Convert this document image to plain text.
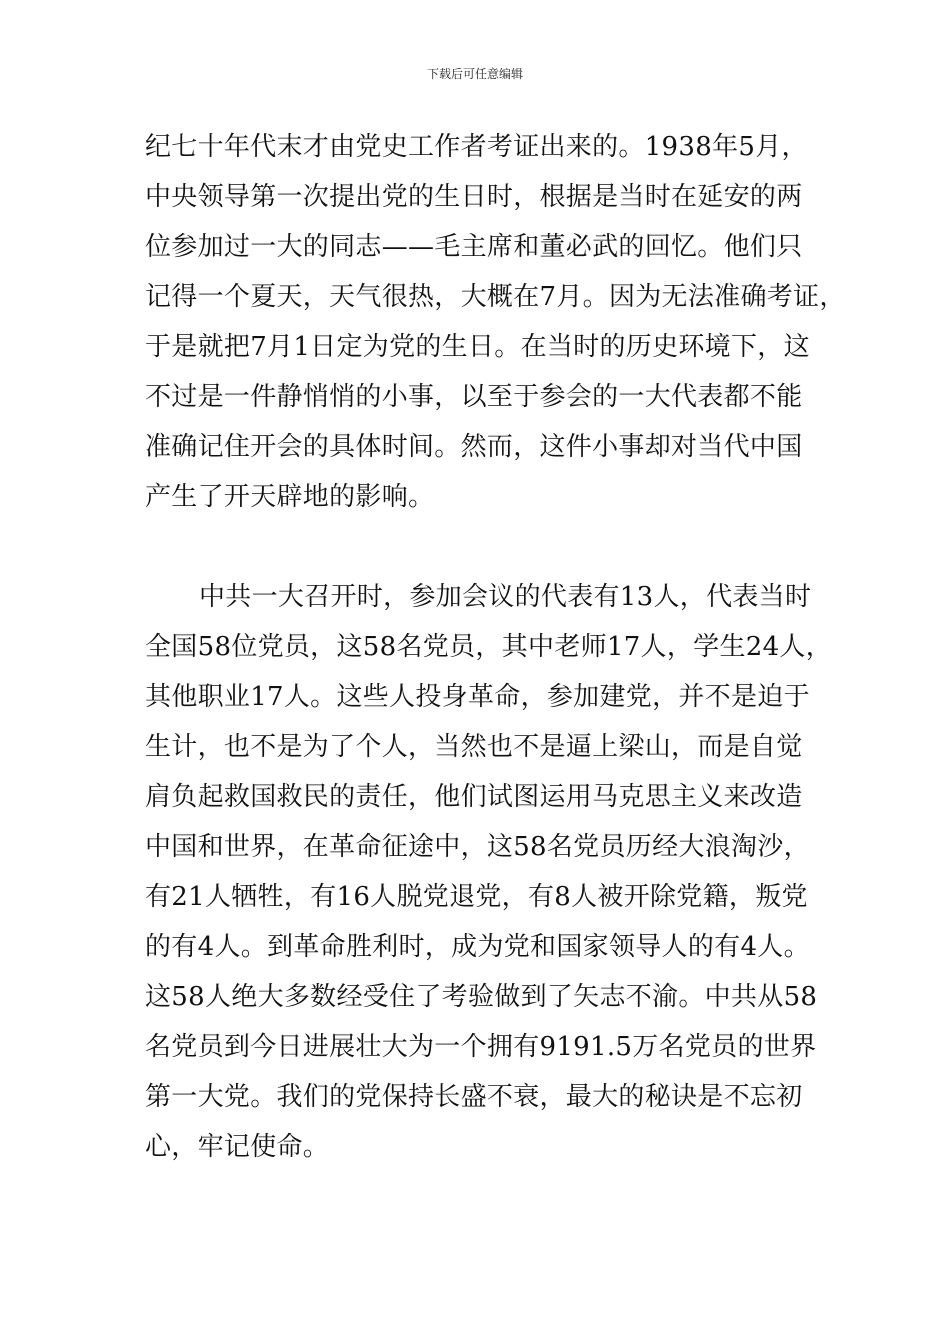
下载后可任意编辑
纪七十年代末才由党史工作者考证出来的。1938年5月，
中央领导第一次提出党的生日时，根据是当时在延安的两
位参加过一大的同志——毛主席和董必武的回忆。他们只
记得一个夏天，天气很热，大概在7月。因为无法准确考证，
于是就把7月1日定为党的生日。在当时的历史环境下，这
不过是一件静悄悄的小事，以至于参会的一大代表都不能
准确记住开会的具体时间。然而，这件小事却对当代中国
产生了开天辟地的影响。
中共一大召开时，参加会议的代表有13人，代表当时
全国58位党员，这58名党员，其中老师17人，学生24人，
其他职业17人。这些人投身革命，参加建党，并不是迫于
生计，也不是为了个人，当然也不是逼上梁山，而是自觉
肩负起救国救民的责任，他们试图运用马克思主义来改造
中国和世界，在革命征途中，这58名党员历经大浪淘沙，
有21人牺牲，有16人脱党退党，有8人被开除党籍，叛党
的有4人。到革命胜利时，成为党和国家领导人的有4人。
这58人绝大多数经受住了考验做到了矢志不渝。中共从58
名党员到今日进展壮大为一个拥有9191.5万名党员的世界
第一大党。我们的党保持长盛不衰，最大的秘诀是不忘初
心，牢记使命。
